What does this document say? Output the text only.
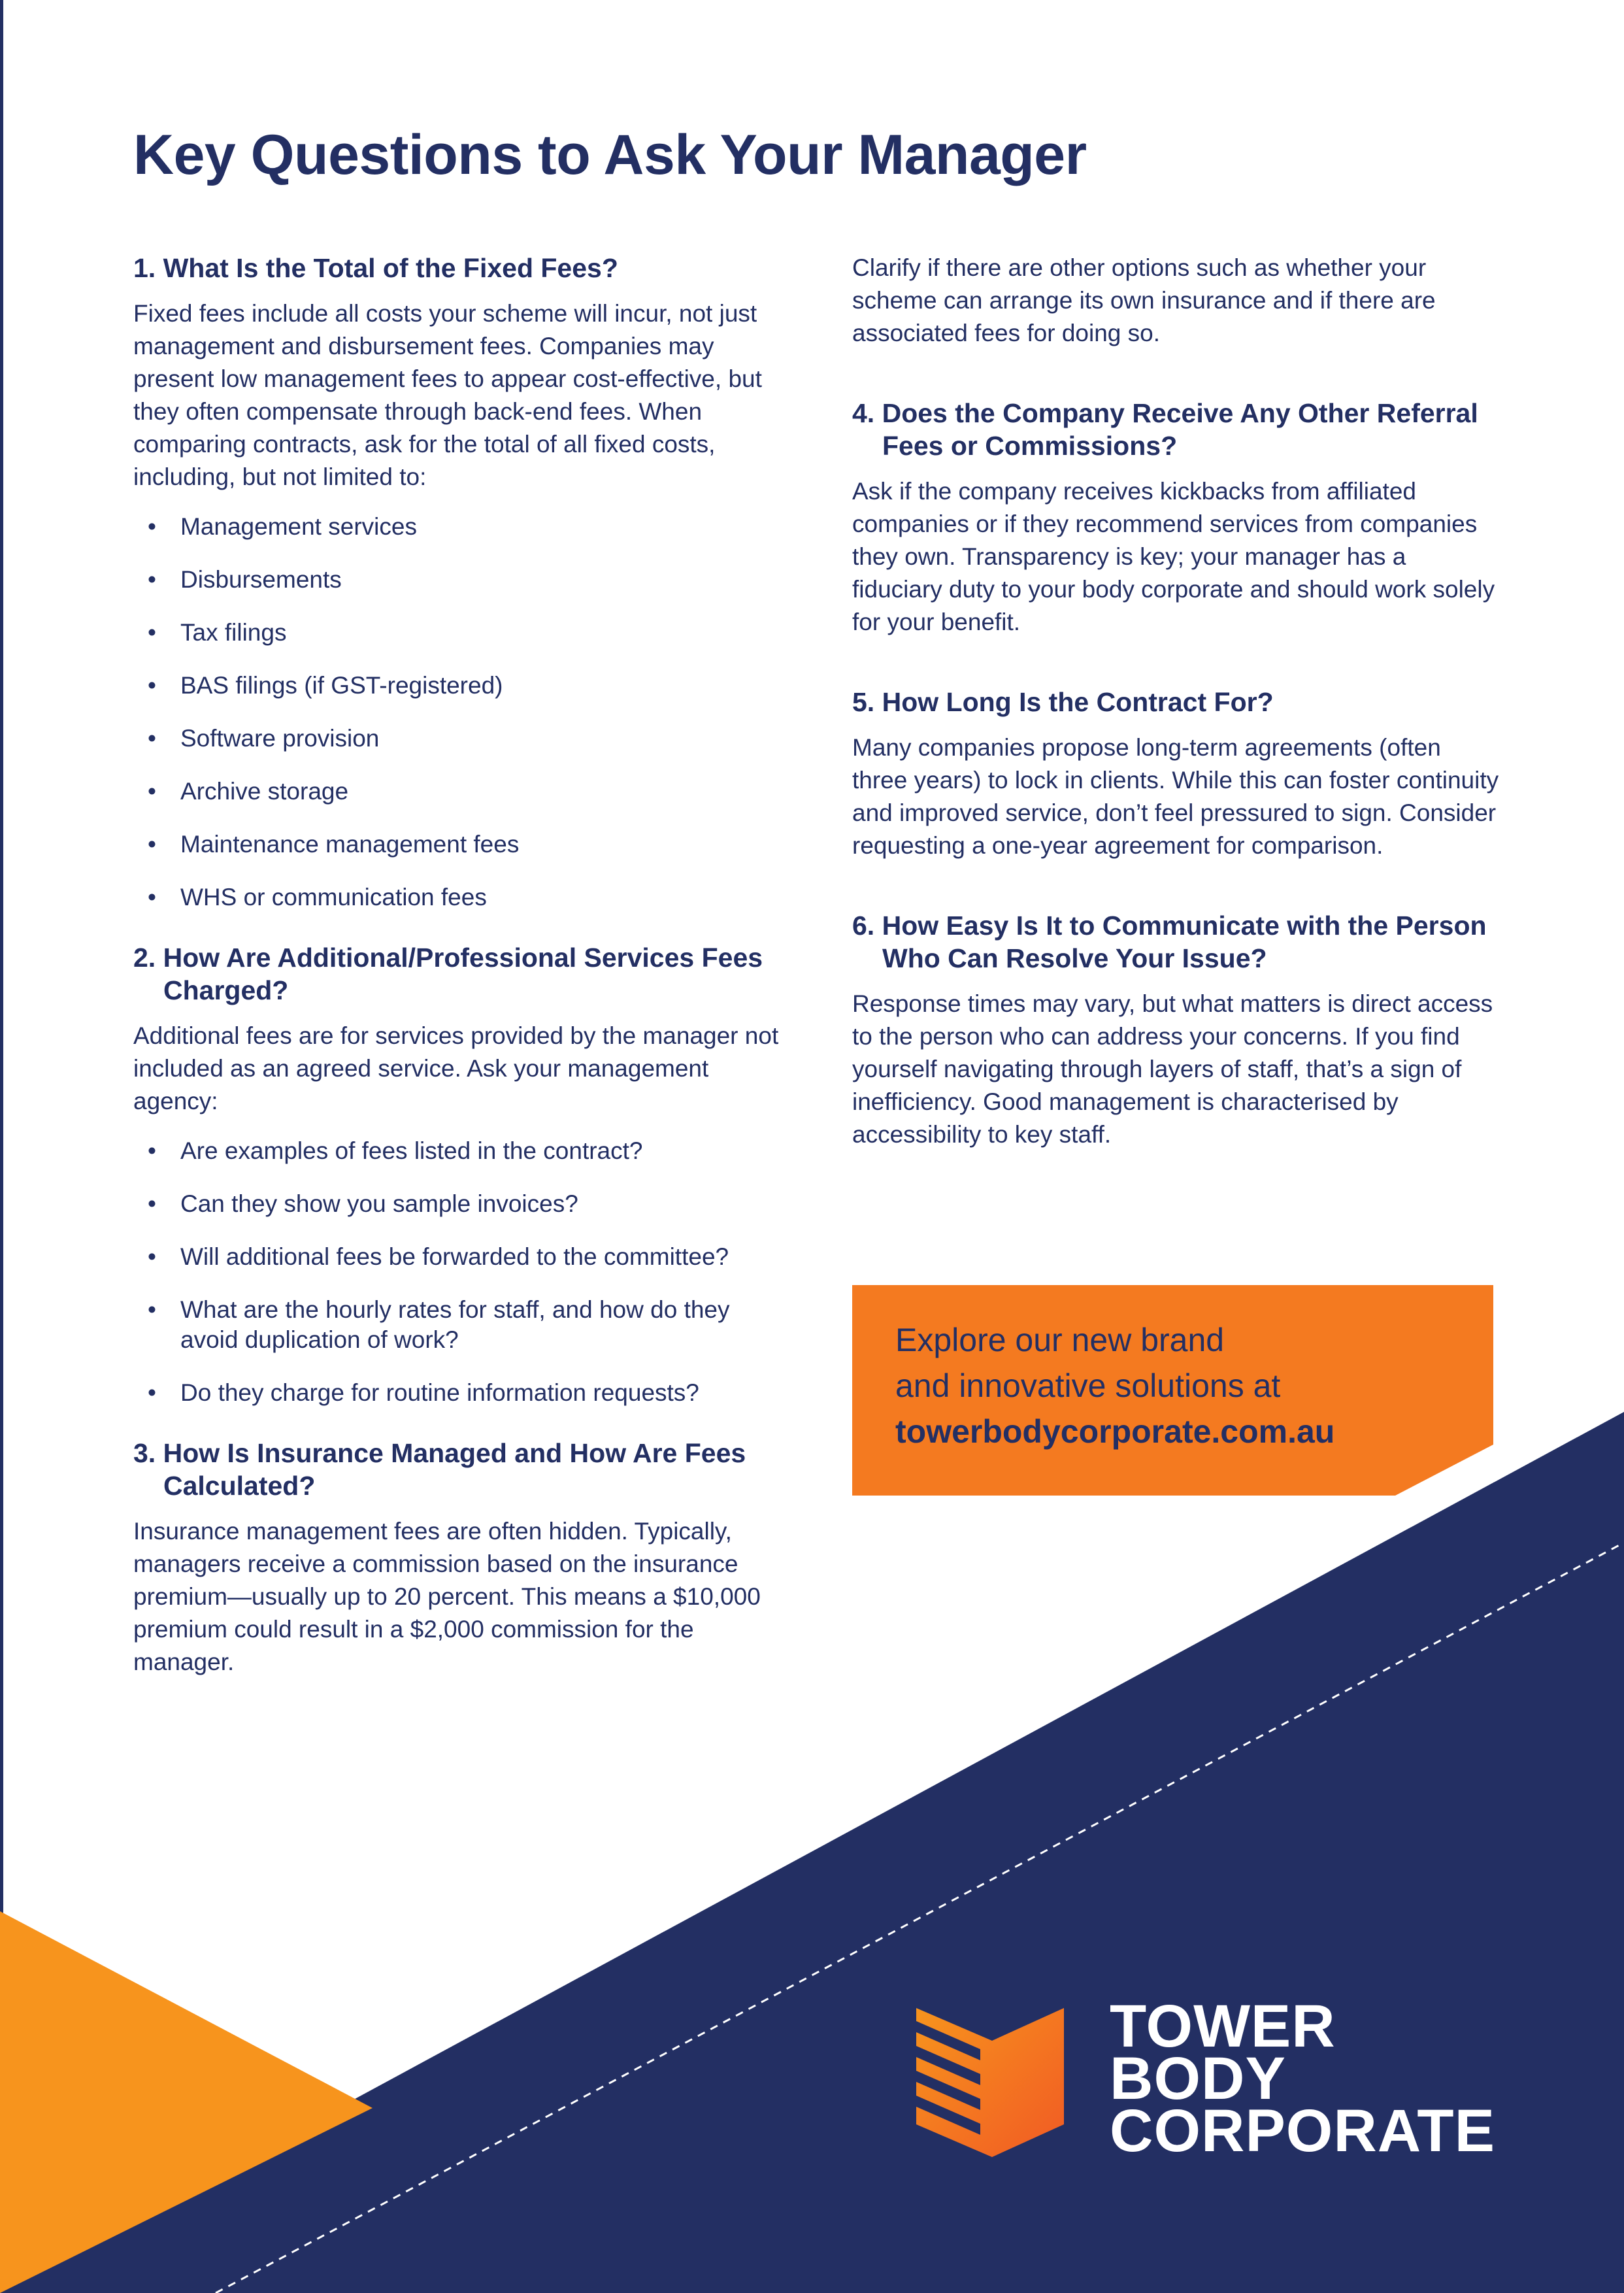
Key Questions to Ask Your Manager
1. What Is the Total of the Fixed Fees?

Fixed fees include all costs your scheme will incur, not just management and disbursement fees. Companies may present low management fees to appear cost-effective, but they often compensate through back-end fees. When comparing contracts, ask for the total of all fixed costs, including, but not limited to:

• Management services
• Disbursements
• Tax filings
• BAS filings (if GST-registered)
• Software provision
• Archive storage
• Maintenance management fees
• WHS or communication fees
2. How Are Additional/Professional Services Fees Charged?

Additional fees are for services provided by the manager not included as an agreed service. Ask your management agency:

• Are examples of fees listed in the contract?
• Can they show you sample invoices?
• Will additional fees be forwarded to the committee?
• What are the hourly rates for staff, and how do they avoid duplication of work?
• Do they charge for routine information requests?
3. How Is Insurance Managed and How Are Fees Calculated?

Insurance management fees are often hidden. Typically, managers receive a commission based on the insurance premium—usually up to 20 percent. This means a $10,000 premium could result in a $2,000 commission for the manager.

Clarify if there are other options such as whether your scheme can arrange its own insurance and if there are associated fees for doing so.

4. Does the Company Receive Any Other Referral Fees or Commissions?

Ask if the company receives kickbacks from affiliated companies or if they recommend services from companies they own. Transparency is key; your manager has a fiduciary duty to your body corporate and should work solely for your benefit.

5. How Long Is the Contract For?

Many companies propose long-term agreements (often three years) to lock in clients. While this can foster continuity and improved service, don’t feel pressured to sign. Consider requesting a one-year agreement for comparison.

6. How Easy Is It to Communicate with the Person Who Can Resolve Your Issue?

Response times may vary, but what matters is direct access to the person who can address your concerns. If you find yourself navigating through layers of staff, that’s a sign of inefficiency. Good management is characterised by accessibility to key staff.

Explore our new brand
and innovative solutions at
towerbodycorporate.com.au
TOWER
BODY
CORPORATE
